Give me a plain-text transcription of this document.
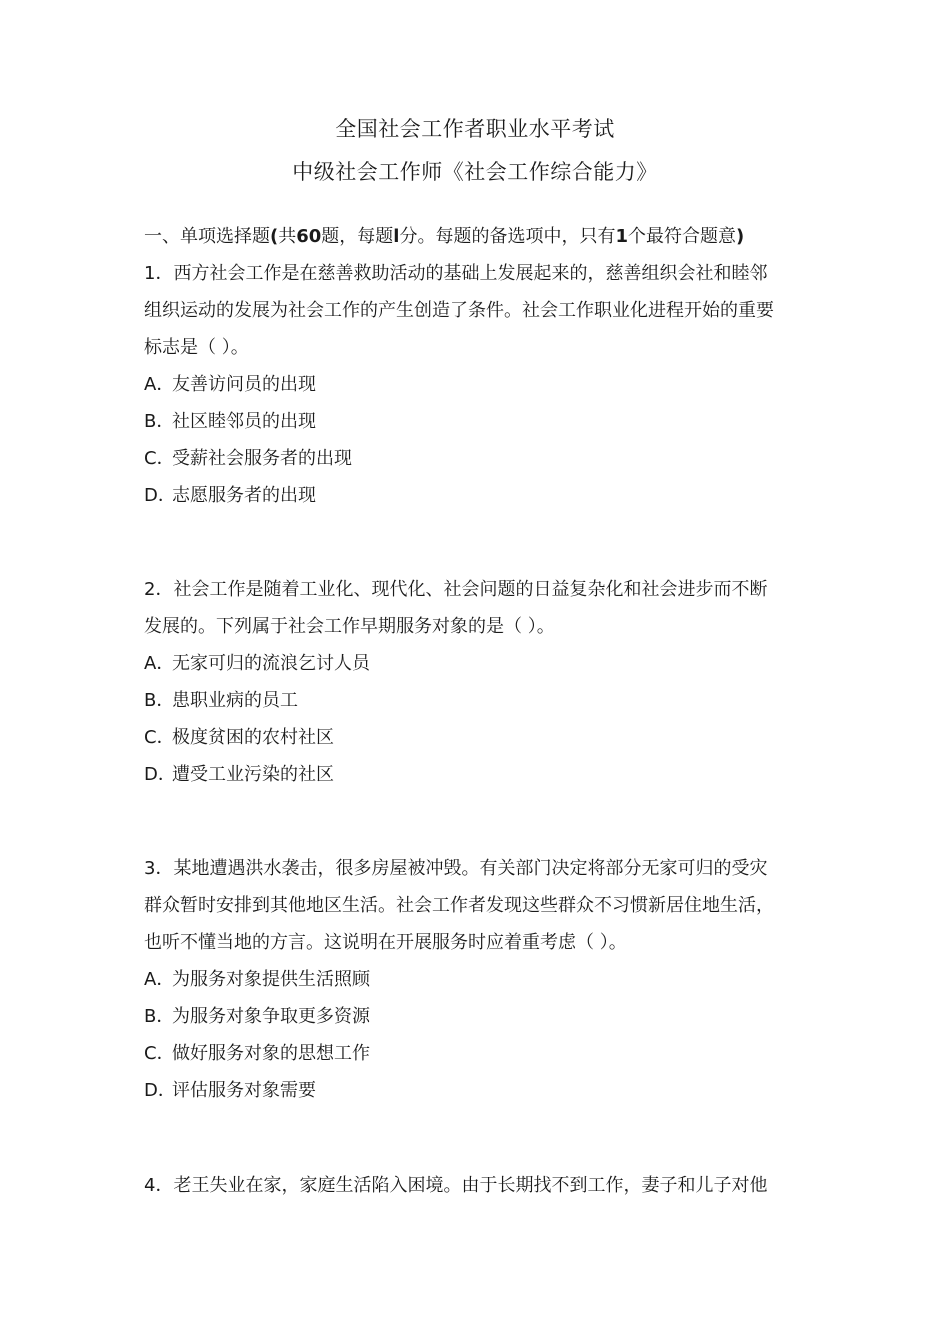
全国社会工作者职业水平考试
中级社会工作师《社会工作综合能力》
一、单项选择题(共60题，每题l分。每题的备选项中，只有1个最符合题意)
1．西方社会工作是在慈善救助活动的基础上发展起来的，慈善组织会社和睦邻
组织运动的发展为社会工作的产生创造了条件。社会工作职业化进程开始的重要
标志是（ ）。
A．友善访问员的出现
B．社区睦邻员的出现
C．受薪社会服务者的出现
D．志愿服务者的出现
2．社会工作是随着工业化、现代化、社会问题的日益复杂化和社会进步而不断
发展的。下列属于社会工作早期服务对象的是（ ）。
A．无家可归的流浪乞讨人员
B．患职业病的员工
C．极度贫困的农村社区
D．遭受工业污染的社区
3．某地遭遇洪水袭击，很多房屋被冲毁。有关部门决定将部分无家可归的受灾
群众暂时安排到其他地区生活。社会工作者发现这些群众不习惯新居住地生活，
也听不懂当地的方言。这说明在开展服务时应着重考虑（ ）。
A．为服务对象提供生活照顾
B．为服务对象争取更多资源
C．做好服务对象的思想工作
D．评估服务对象需要
4．老王失业在家，家庭生活陷入困境。由于长期找不到工作，妻子和儿子对他
